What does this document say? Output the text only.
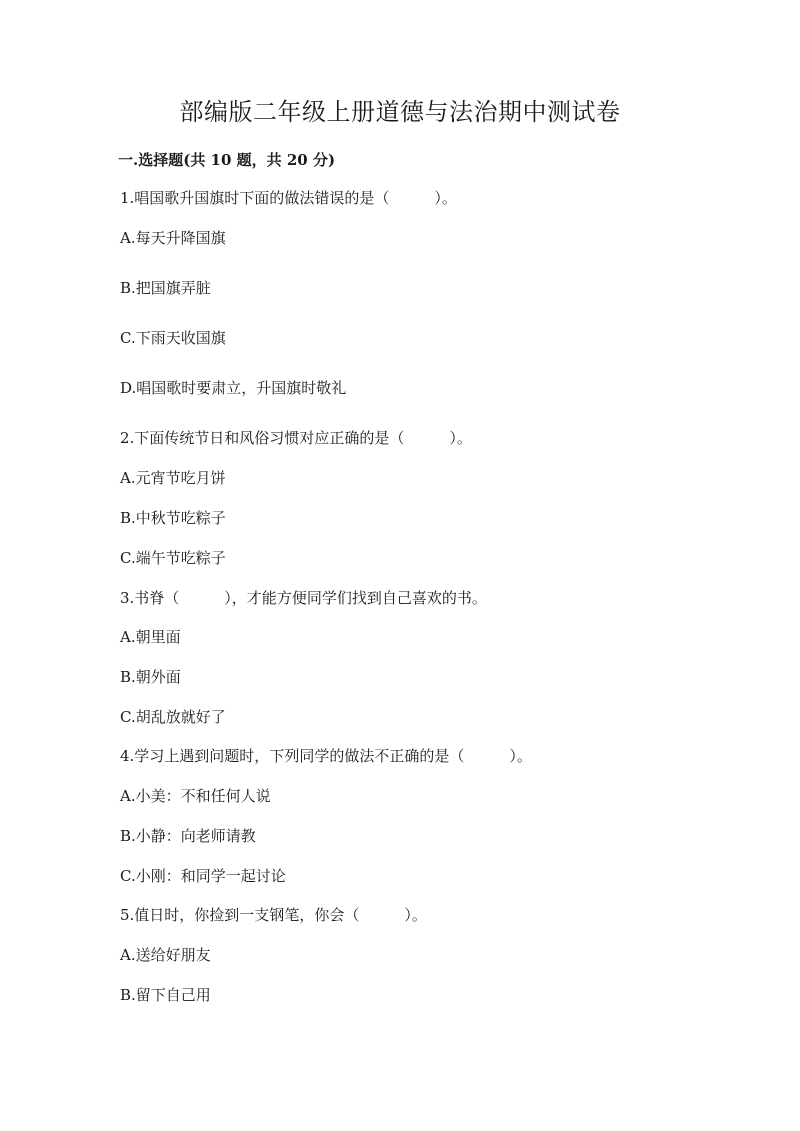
部编版二年级上册道德与法治期中测试卷
一.选择题(共 10 题，共 20 分)
1.唱国歌升国旗时下面的做法错误的是（　　　）。
A.每天升降国旗
B.把国旗弄脏
C.下雨天收国旗
D.唱国歌时要肃立，升国旗时敬礼
2.下面传统节日和风俗习惯对应正确的是（　　　）。
A.元宵节吃月饼
B.中秋节吃粽子
C.端午节吃粽子
3.书脊（　　　），才能方便同学们找到自己喜欢的书。
A.朝里面
B.朝外面
C.胡乱放就好了
4.学习上遇到问题时，下列同学的做法不正确的是（　　　）。
A.小美：不和任何人说
B.小静：向老师请教
C.小刚：和同学一起讨论
5.值日时，你捡到一支钢笔，你会（　　　）。
A.送给好朋友
B.留下自己用
